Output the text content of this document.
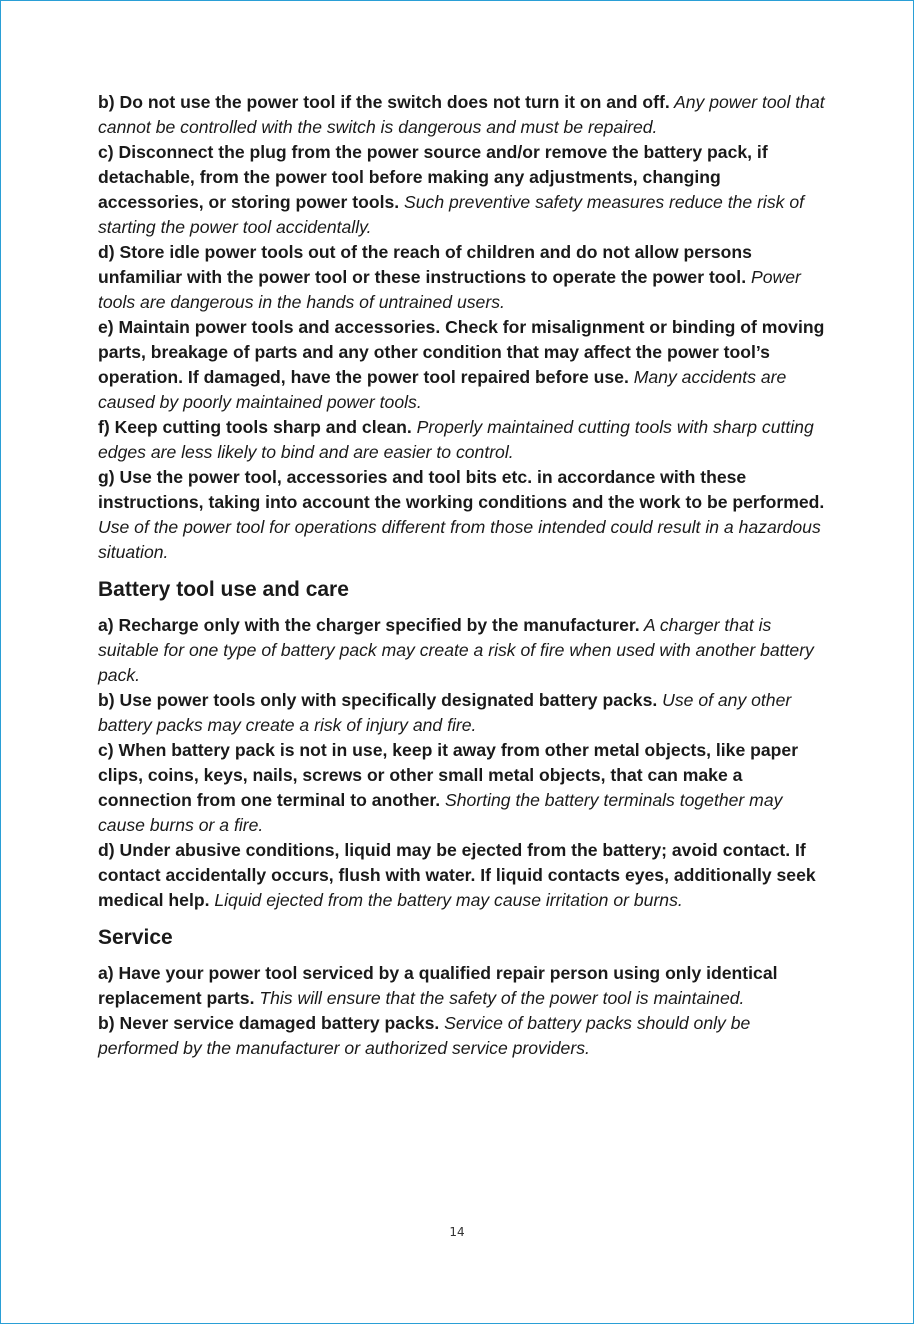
b) Do not use the power tool if the switch does not turn it on and off. Any power tool that cannot be controlled with the switch is dangerous and must be repaired.

c) Disconnect the plug from the power source and/or remove the battery pack, if detachable, from the power tool before making any adjustments, changing accessories, or storing power tools. Such preventive safety measures reduce the risk of starting the power tool accidentally.

d) Store idle power tools out of the reach of children and do not allow persons unfamiliar with the power tool or these instructions to operate the power tool. Power tools are dangerous in the hands of untrained users.

e) Maintain power tools and accessories. Check for misalignment or binding of moving parts, breakage of parts and any other condition that may affect the power tool’s operation. If damaged, have the power tool repaired before use. Many accidents are caused by poorly maintained power tools.

f) Keep cutting tools sharp and clean. Properly maintained cutting tools with sharp cutting edges are less likely to bind and are easier to control.

g) Use the power tool, accessories and tool bits etc. in accordance with these instructions, taking into account the working conditions and the work to be performed. Use of the power tool for operations different from those intended could result in a hazardous situation.

Battery tool use and care

a) Recharge only with the charger specified by the manufacturer. A charger that is suitable for one type of battery pack may create a risk of fire when used with another battery pack.

b) Use power tools only with specifically designated battery packs. Use of any other battery packs may create a risk of injury and fire.

c) When battery pack is not in use, keep it away from other metal objects, like paper clips, coins, keys, nails, screws or other small metal objects, that can make a connection from one terminal to another. Shorting the battery terminals together may cause burns or a fire.

d) Under abusive conditions, liquid may be ejected from the battery; avoid contact. If contact accidentally occurs, flush with water. If liquid contacts eyes, additionally seek medical help. Liquid ejected from the battery may cause irritation or burns.

Service

a) Have your power tool serviced by a qualified repair person using only identical replacement parts. This will ensure that the safety of the power tool is maintained.

b) Never service damaged battery packs. Service of battery packs should only be performed by the manufacturer or authorized service providers.

14
